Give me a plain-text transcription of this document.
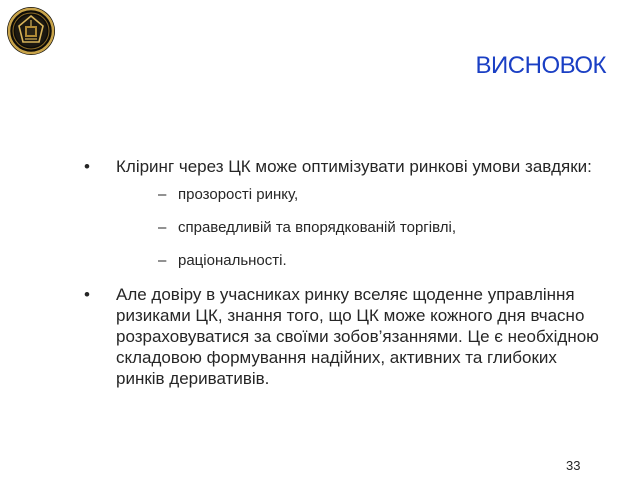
ВИСНОВОК
• Кліринг через ЦК може оптимізувати ринкові умови завдяки:
– прозорості ринку,
– справедливій та впорядкованій торгівлі,
– раціональності.
• Але довіру в учасниках ринку вселяє щоденне управління ризиками ЦК, знання того, що ЦК може кожного дня вчасно розраховуватися за своїми зобов’язаннями. Це є необхідною складовою формування надійних, активних та глибоких ринків деривативів.
33
